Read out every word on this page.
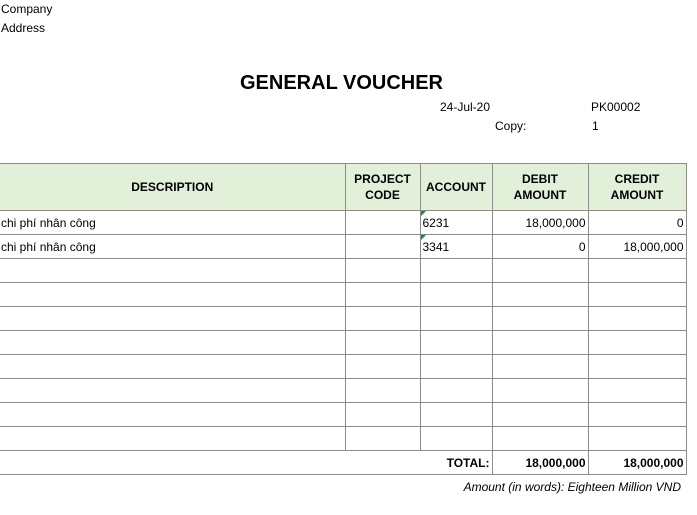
Company
Address
GENERAL VOUCHER
24-Jul-20	PK00002
Copy:	1
DESCRIPTION	PROJECT CODE	ACCOUNT	DEBIT AMOUNT	CREDIT AMOUNT
chi phí nhân công		6231	18,000,000	0
chi phí nhân công		3341	0	18,000,000

TOTAL:			18,000,000	18,000,000
Amount (in words): Eighteen Million VND
